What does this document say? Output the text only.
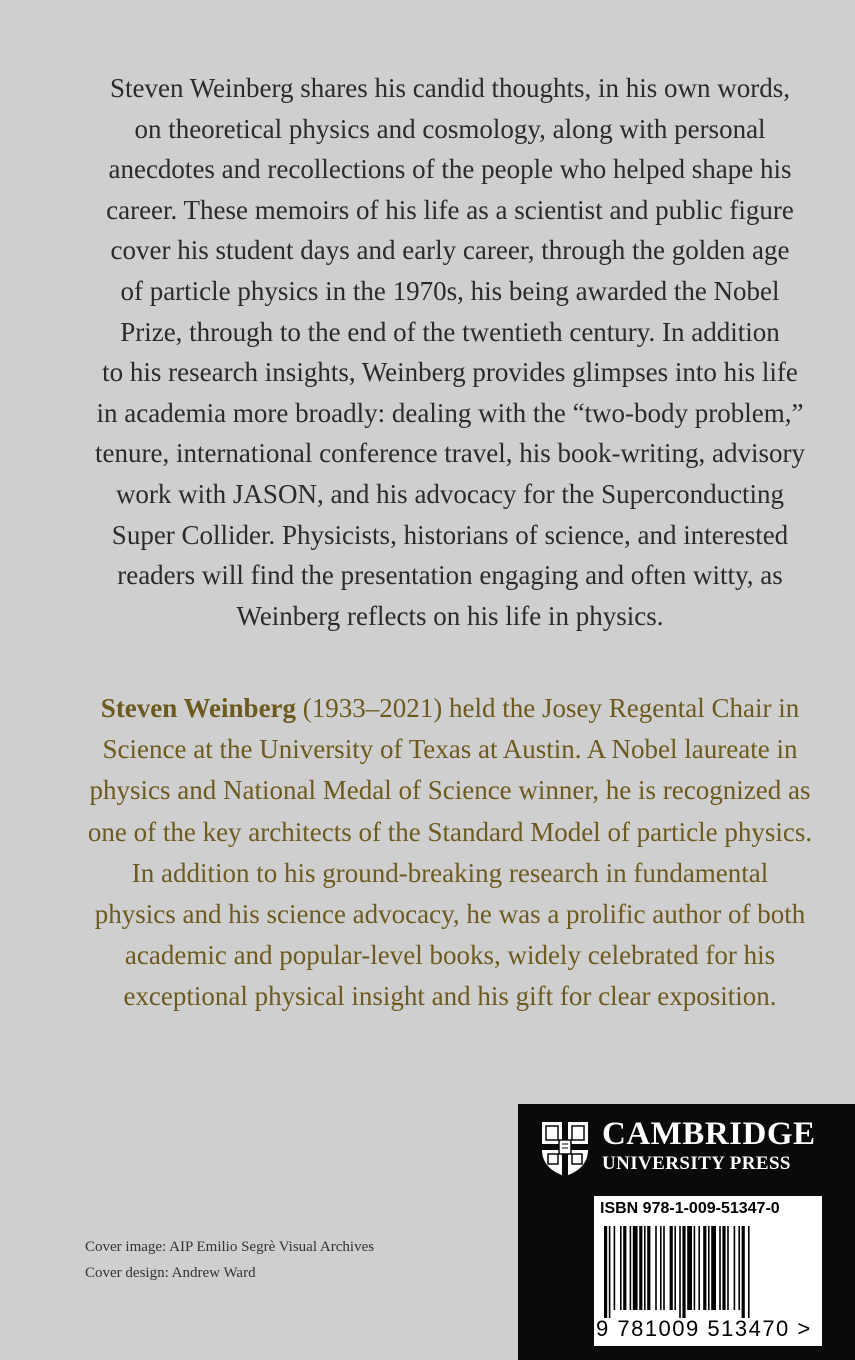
Steven Weinberg shares his candid thoughts, in his own words,
on theoretical physics and cosmology, along with personal
anecdotes and recollections of the people who helped shape his
career. These memoirs of his life as a scientist and public figure
cover his student days and early career, through the golden age
of particle physics in the 1970s, his being awarded the Nobel
Prize, through to the end of the twentieth century. In addition
to his research insights, Weinberg provides glimpses into his life
in academia more broadly: dealing with the “two-body problem,”
tenure, international conference travel, his book-writing, advisory
work with JASON, and his advocacy for the Superconducting
Super Collider. Physicists, historians of science, and interested
readers will find the presentation engaging and often witty, as
Weinberg reflects on his life in physics.
Steven Weinberg (1933–2021) held the Josey Regental Chair in
Science at the University of Texas at Austin. A Nobel laureate in
physics and National Medal of Science winner, he is recognized as
one of the key architects of the Standard Model of particle physics.
In addition to his ground-breaking research in fundamental
physics and his science advocacy, he was a prolific author of both
academic and popular-level books, widely celebrated for his
exceptional physical insight and his gift for clear exposition.
Cover image: AIP Emilio Segrè Visual Archives
Cover design: Andrew Ward
CAMBRIDGE
UNIVERSITY PRESS
ISBN 978-1-009-51347-0
9 781009 513470 >
